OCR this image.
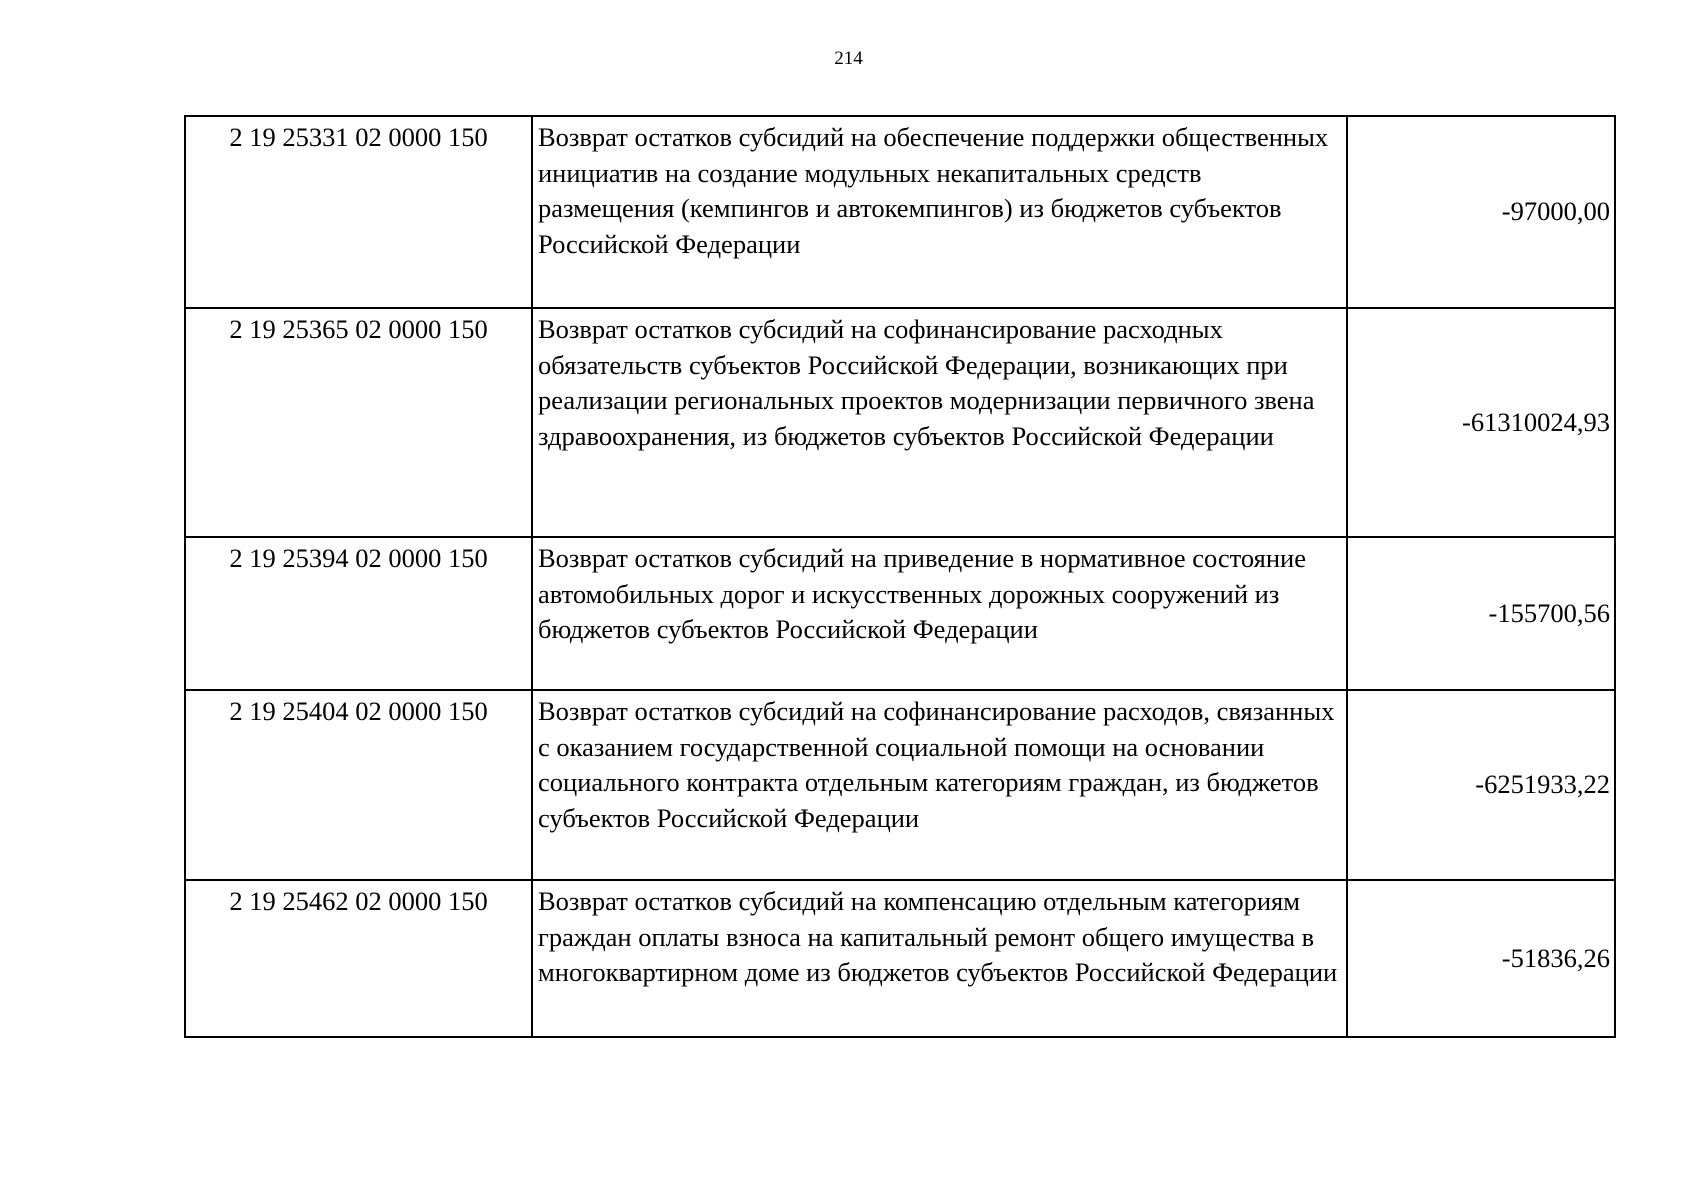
214
2 19 25331 02 0000 150	Возврат остатков субсидий на обеспечение поддержки общественных инициатив на создание модульных некапитальных средств размещения (кемпингов и автокемпингов) из бюджетов субъектов Российской Федерации	-97000,00
2 19 25365 02 0000 150	Возврат остатков субсидий на софинансирование расходных обязательств субъектов Российской Федерации, возникающих при реализации региональных проектов модернизации первичного звена здравоохранения, из бюджетов субъектов Российской Федерации	-61310024,93
2 19 25394 02 0000 150	Возврат остатков субсидий на приведение в нормативное состояние автомобильных дорог и искусственных дорожных сооружений из бюджетов субъектов Российской Федерации	-155700,56
2 19 25404 02 0000 150	Возврат остатков субсидий на софинансирование расходов, связанных с оказанием государственной социальной помощи на основании социального контракта отдельным категориям граждан, из бюджетов субъектов Российской Федерации	-6251933,22
2 19 25462 02 0000 150	Возврат остатков субсидий на компенсацию отдельным категориям граждан оплаты взноса на капитальный ремонт общего имущества в многоквартирном доме из бюджетов субъектов Российской Федерации	-51836,26
